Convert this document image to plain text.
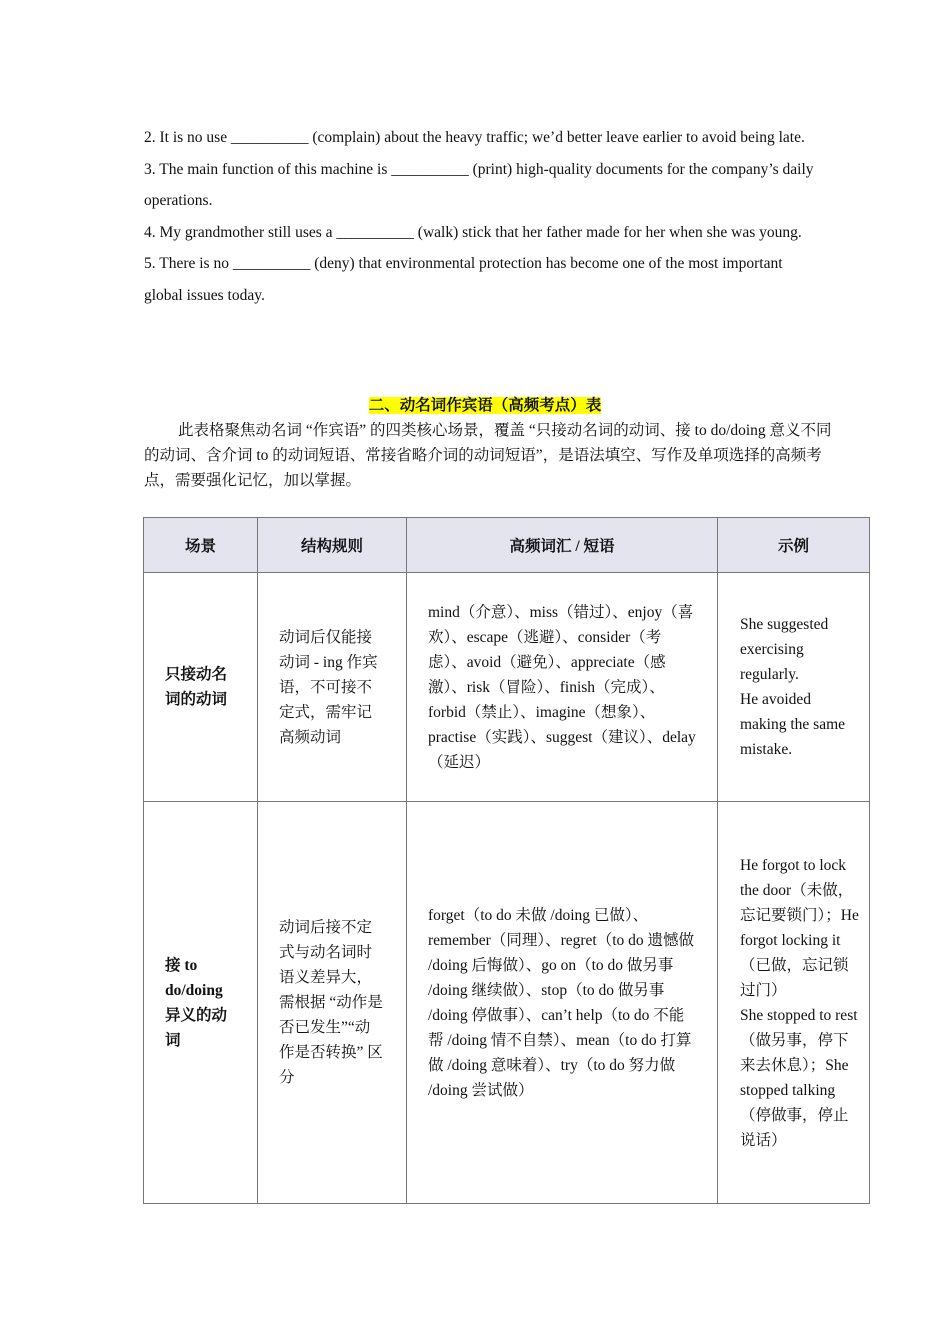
2. It is no use __________ (complain) about the heavy traffic; we’d better leave earlier to avoid being late.

3. The main function of this machine is __________ (print) high-quality documents for the company’s daily operations.

4. My grandmother still uses a __________ (walk) stick that her father made for her when she was young.

5. There is no __________ (deny) that environmental protection has become one of the most important global issues today.

二、动名词作宾语（高频考点）表

此表格聚焦动名词 “作宾语” 的四类核心场景，覆盖 “只接动名词的动词、接 to do/doing 意义不同的动词、含介词 to 的动词短语、常接省略介词的动词短语”，是语法填空、写作及单项选择的高频考点，需要强化记忆，加以掌握。

场景	结构规则	高频词汇 / 短语	示例
只接动名词的动词	动词后仅能接动词 - ing 作宾语，不可接不定式，需牢记高频动词	mind（介意）、miss（错过）、enjoy（喜欢）、escape（逃避）、consider（考虑）、avoid（避免）、appreciate（感激）、risk（冒险）、finish（完成）、forbid（禁止）、imagine（想象）、practise（实践）、suggest（建议）、delay（延迟）	She suggested exercising regularly.
He avoided making the same mistake.

接 to do/doing 异义的动词	动词后接不定式与动名词时语义差异大，需根据 “动作是否已发生”“动作是否转换” 区分	forget（to do 未做 /doing 已做）、remember（同理）、regret（to do 遗憾做 /doing 后悔做）、go on（to do 做另事 /doing 继续做）、stop（to do 做另事 /doing 停做事）、can’t help（to do 不能帮 /doing 情不自禁）、mean（to do 打算做 /doing 意味着）、try（to do 努力做 /doing 尝试做）	He forgot to lock the door（未做，忘记要锁门）；He forgot locking it（已做，忘记锁过门）
She stopped to rest（做另事，停下来去休息）；She stopped talking（停做事，停止说话）
